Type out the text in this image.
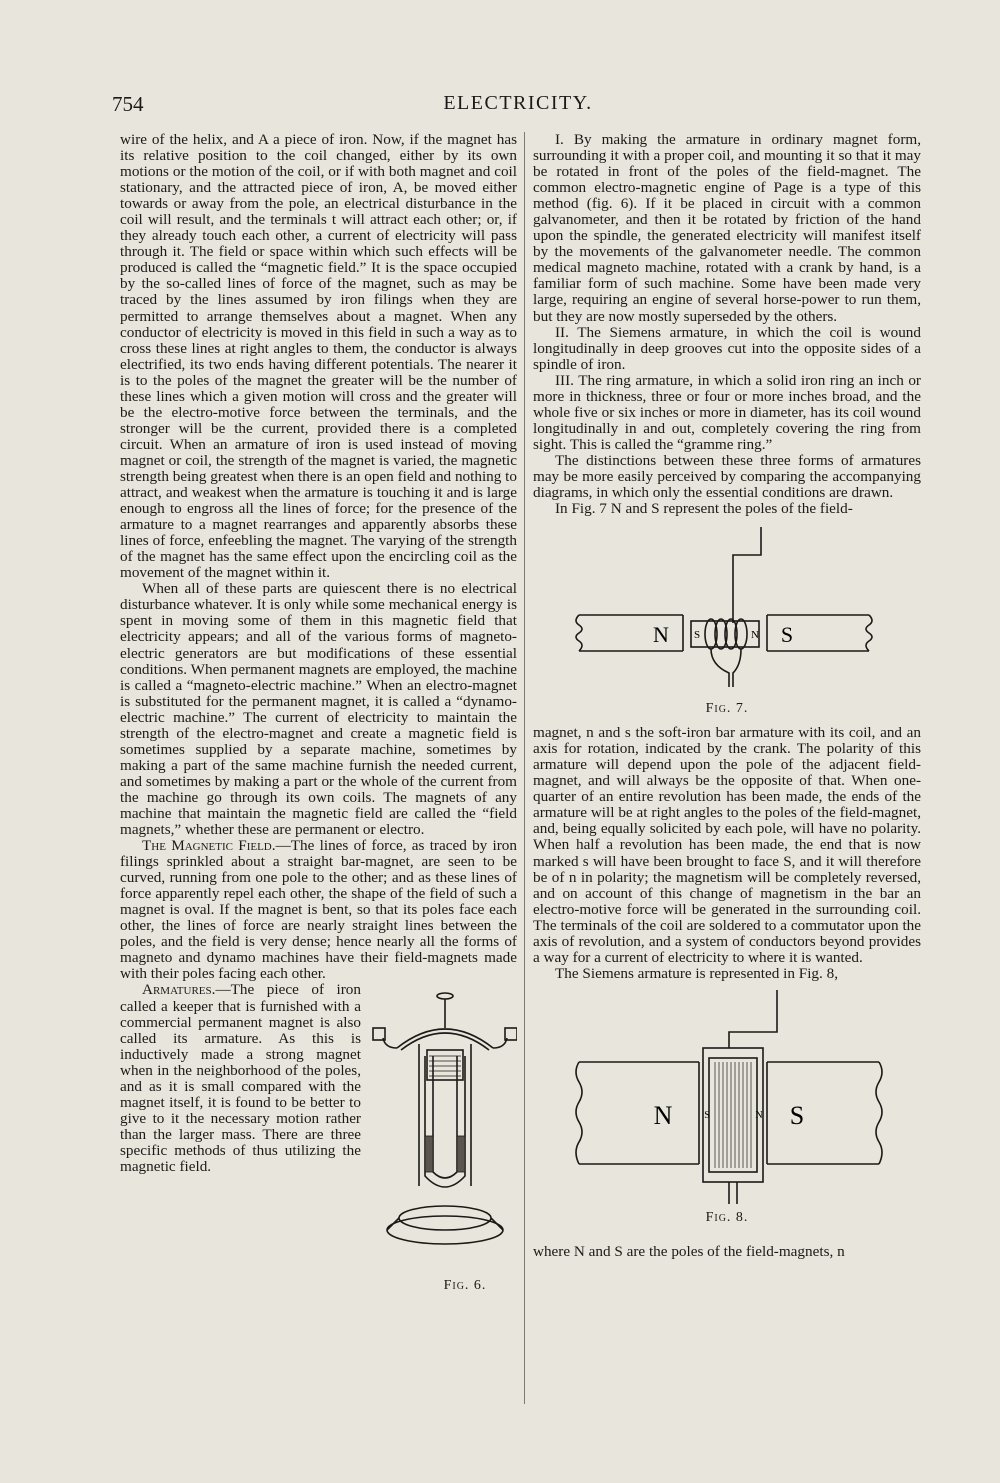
754	ELECTRICITY.

wire of the helix, and A a piece of iron. Now, if the magnet has its relative position to the coil changed, either by its own motions or the motion of the coil, or if with both magnet and coil stationary, and the attracted piece of iron, A, be moved either towards or away from the pole, an electrical disturbance in the coil will result, and the terminals t will attract each other; or, if they already touch each other, a current of electricity will pass through it. The field or space within which such effects will be produced is called the “magnetic field.” It is the space occupied by the so-called lines of force of the magnet, such as may be traced by the lines assumed by iron filings when they are permitted to arrange themselves about a magnet. When any conductor of electricity is moved in this field in such a way as to cross these lines at right angles to them, the conductor is always electrified, its two ends having different potentials. The nearer it is to the poles of the magnet the greater will be the number of these lines which a given motion will cross and the greater will be the electro-motive force between the terminals, and the stronger will be the current, provided there is a completed circuit. When an armature of iron is used instead of moving magnet or coil, the strength of the magnet is varied, the magnetic strength being greatest when there is an open field and nothing to attract, and weakest when the armature is touching it and is large enough to engross all the lines of force; for the presence of the armature to a magnet rearranges and apparently absorbs these lines of force, enfeebling the magnet. The varying of the strength of the magnet has the same effect upon the encircling coil as the movement of the magnet within it.

When all of these parts are quiescent there is no electrical disturbance whatever. It is only while some mechanical energy is spent in moving some of them in this magnetic field that electricity appears; and all of the various forms of magneto-electric generators are but modifications of these essential conditions. When permanent magnets are employed, the machine is called a “magneto-electric machine.” When an electro-magnet is substituted for the permanent magnet, it is called a “dynamo-electric machine.” The current of electricity to maintain the strength of the electro-magnet and create a magnetic field is sometimes supplied by a separate machine, sometimes by making a part of the same machine furnish the needed current, and sometimes by making a part or the whole of the current from the machine go through its own coils. The magnets of any machine that maintain the magnetic field are called the “field magnets,” whether these are permanent or electro.

The Magnetic Field.—The lines of force, as traced by iron filings sprinkled about a straight bar-magnet, are seen to be curved, running from one pole to the other; and as these lines of force apparently repel each other, the shape of the field of such a magnet is oval. If the magnet is bent, so that its poles face each other, the lines of force are nearly straight lines between the poles, and the field is very dense; hence nearly all the forms of magneto and dynamo machines have their field-magnets made with their poles facing each other.

Armatures.—The piece of iron called a keeper that is furnished with a commercial permanent magnet is also called its armature. As this is inductively made a strong magnet when in the neighborhood of the poles, and as it is small compared with the magnet itself, it is found to be better to give to it the necessary motion rather than the larger mass. There are three specific methods of thus utilizing the magnetic field.

Fig. 6.

I. By making the armature in ordinary magnet form, surrounding it with a proper coil, and mounting it so that it may be rotated in front of the poles of the field-magnet. The common electro-magnetic engine of Page is a type of this method (fig. 6). If it be placed in circuit with a common galvanometer, and then it be rotated by friction of the hand upon the spindle, the generated electricity will manifest itself by the movements of the galvanometer needle. The common medical magneto machine, rotated with a crank by hand, is a familiar form of such machine. Some have been made very large, requiring an engine of several horse-power to run them, but they are now mostly superseded by the others.

II. The Siemens armature, in which the coil is wound longitudinally in deep grooves cut into the opposite sides of a spindle of iron.

III. The ring armature, in which a solid iron ring an inch or more in thickness, three or four or more inches broad, and the whole five or six inches or more in diameter, has its coil wound longitudinally in and out, completely covering the ring from sight. This is called the “gramme ring.”

The distinctions between these three forms of armatures may be more easily perceived by comparing the accompanying diagrams, in which only the essential conditions are drawn.

In Fig. 7 N and S represent the poles of the field-

N	S
S	N
Fig. 7.

magnet, n and s the soft-iron bar armature with its coil, and an axis for rotation, indicated by the crank. The polarity of this armature will depend upon the pole of the adjacent field-magnet, and will always be the opposite of that. When one-quarter of an entire revolution has been made, the ends of the armature will be at right angles to the poles of the field-magnet, and, being equally solicited by each pole, will have no polarity. When half a revolution has been made, the end that is now marked s will have been brought to face S, and it will therefore be of n in polarity; the magnetism will be completely reversed, and on account of this change of magnetism in the bar an electro-motive force will be generated in the surrounding coil. The terminals of the coil are soldered to a commutator upon the axis of revolution, and a system of conductors beyond provides a way for a current of electricity to where it is wanted.

The Siemens armature is represented in Fig. 8,

N	S
S	N
Fig. 8.

where N and S are the poles of the field-magnets, n
